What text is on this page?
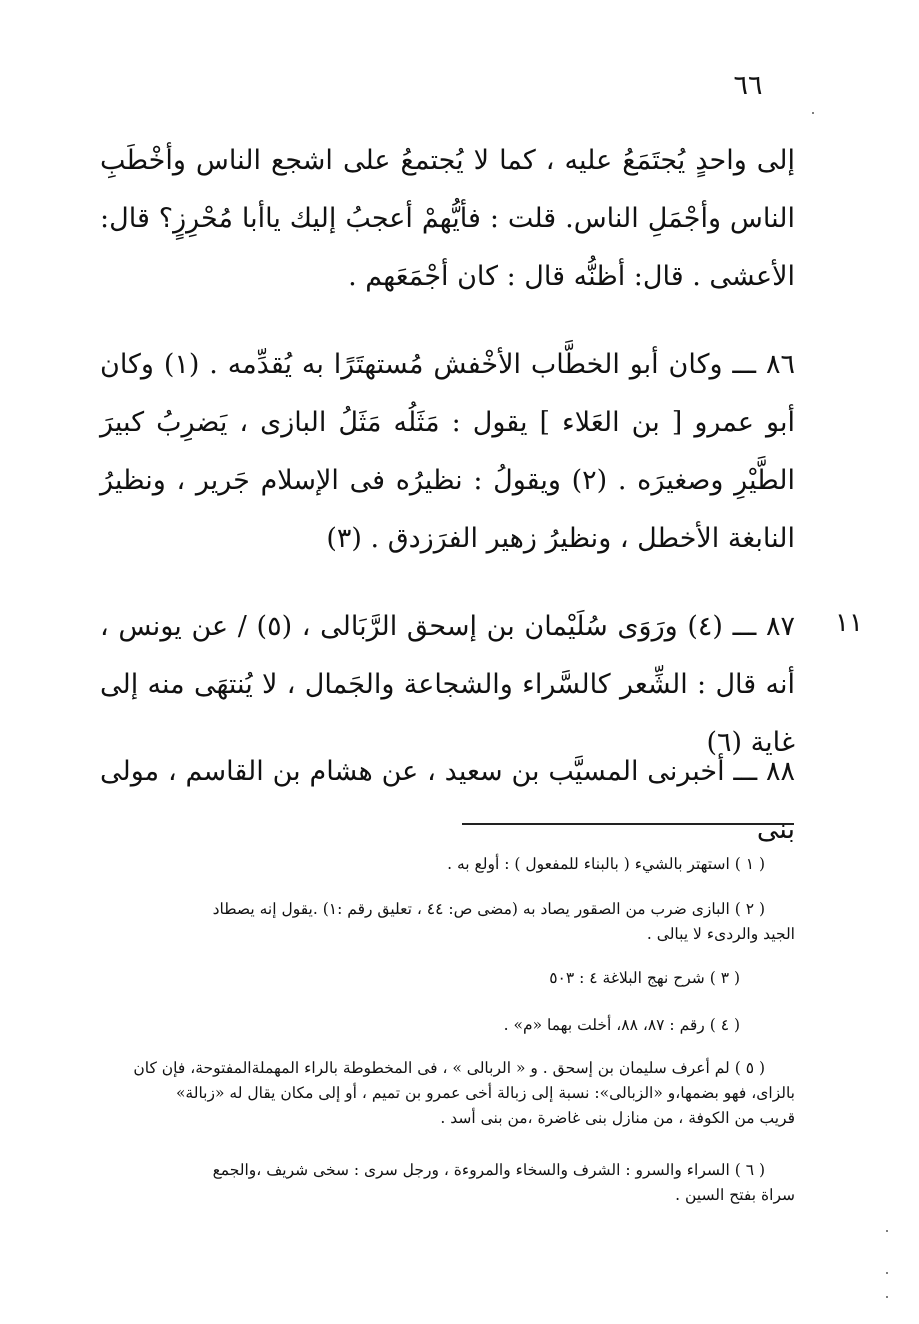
٦٦
إلى واحدٍ يُجتَمَعُ عليه ، كما لا يُجتمعُ على اشجع الناس وأخْطَبِ الناس وأجْمَلِ الناس. قلت : فأيُّهمْ أعجبُ إليك ياأبا مُحْرِزٍ؟ قال: الأعشى . قال: أظنُّه قال : كان أجْمَعَهم .
٨٦ ـــ وكان أبو الخطَّاب الأخْفش مُستهتَرًا به يُقدِّمه . (١) وكان أبو عمرو [ بن العَلاء ] يقول : مَثَلُه مَثَلُ البازى ، يَضرِبُ كبيرَ الطَّيْرِ وصغيرَه . (٢) ويقولُ : نظيرُه فى الإسلام جَرير ، ونظيرُ النابغة الأخطل ، ونظيرُ زهير الفرَزدق . (٣)
٨٧ ـــ (٤) ورَوَى سُلَيْمان بن إسحق الرَّبَالى ، (٥) / عن يونس ، أنه قال : الشِّعر كالسَّراء والشجاعة والجَمال ، لا يُنتهَى منه إلى غاية (٦)
١١
٨٨ ـــ أخبرنى المسيَّب بن سعيد ، عن هشام بن القاسم ، مولى بنى
( ١ ) استهتر بالشيء ( بالبناء للمفعول ) : أولع به .
( ٢ ) البازى ضرب من الصقور يصاد به (مضى ص: ٤٤ ، تعليق رقم :١) .يقول إنه يصطاد
الجيد والردىء لا يبالى .
( ٣ ) شرح نهج البلاغة ٤ : ٥٠٣
( ٤ ) رقم : ٨٧، ٨٨، أخلت بهما «م» .
( ٥ ) لم أعرف سليمان بن إسحق . و « الربالى » ، فى المخطوطة بالراء المهملةالمفتوحة، فإن كان
بالزاى، فهو بضمها،و «الزبالى»: نسبة إلى زبالة أخى عمرو بن تميم ، أو إلى مكان يقال له «زبالة»
قريب من الكوفة ، من منازل بنى غاضرة ،من بنى أسد .
( ٦ ) السراء والسرو : الشرف والسخاء والمروءة ، ورجل سرى : سخى شريف ،والجمع
سراة بفتح السين .
